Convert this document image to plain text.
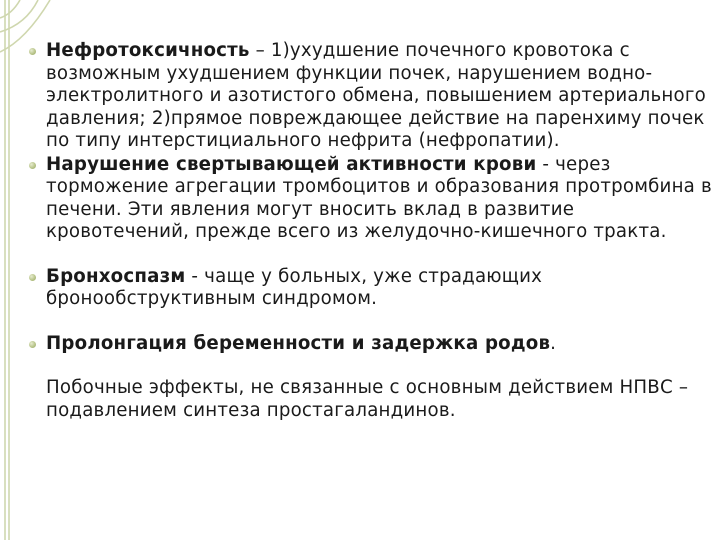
Нефротоксичность – 1)ухудшение почечного кровотока с возможным ухудшением функции почек, нарушением водно-электролитного и азотистого обмена, повышением артериального давления; 2)прямое повреждающее действие на паренхиму почек по типу интерстициального нефрита (нефропатии).
Нарушение свертывающей активности крови - через торможение агрегации тромбоцитов и образования протромбина в печени. Эти явления могут вносить вклад в развитие кровотечений, прежде всего из желудочно-кишечного тракта.
Бронхоспазм - чаще у больных, уже страдающих бронообструктивным синдромом.
Пролонгация беременности и задержка родов.
Побочные эффекты, не связанные с основным действием НПВС – подавлением синтеза простагаландинов.
